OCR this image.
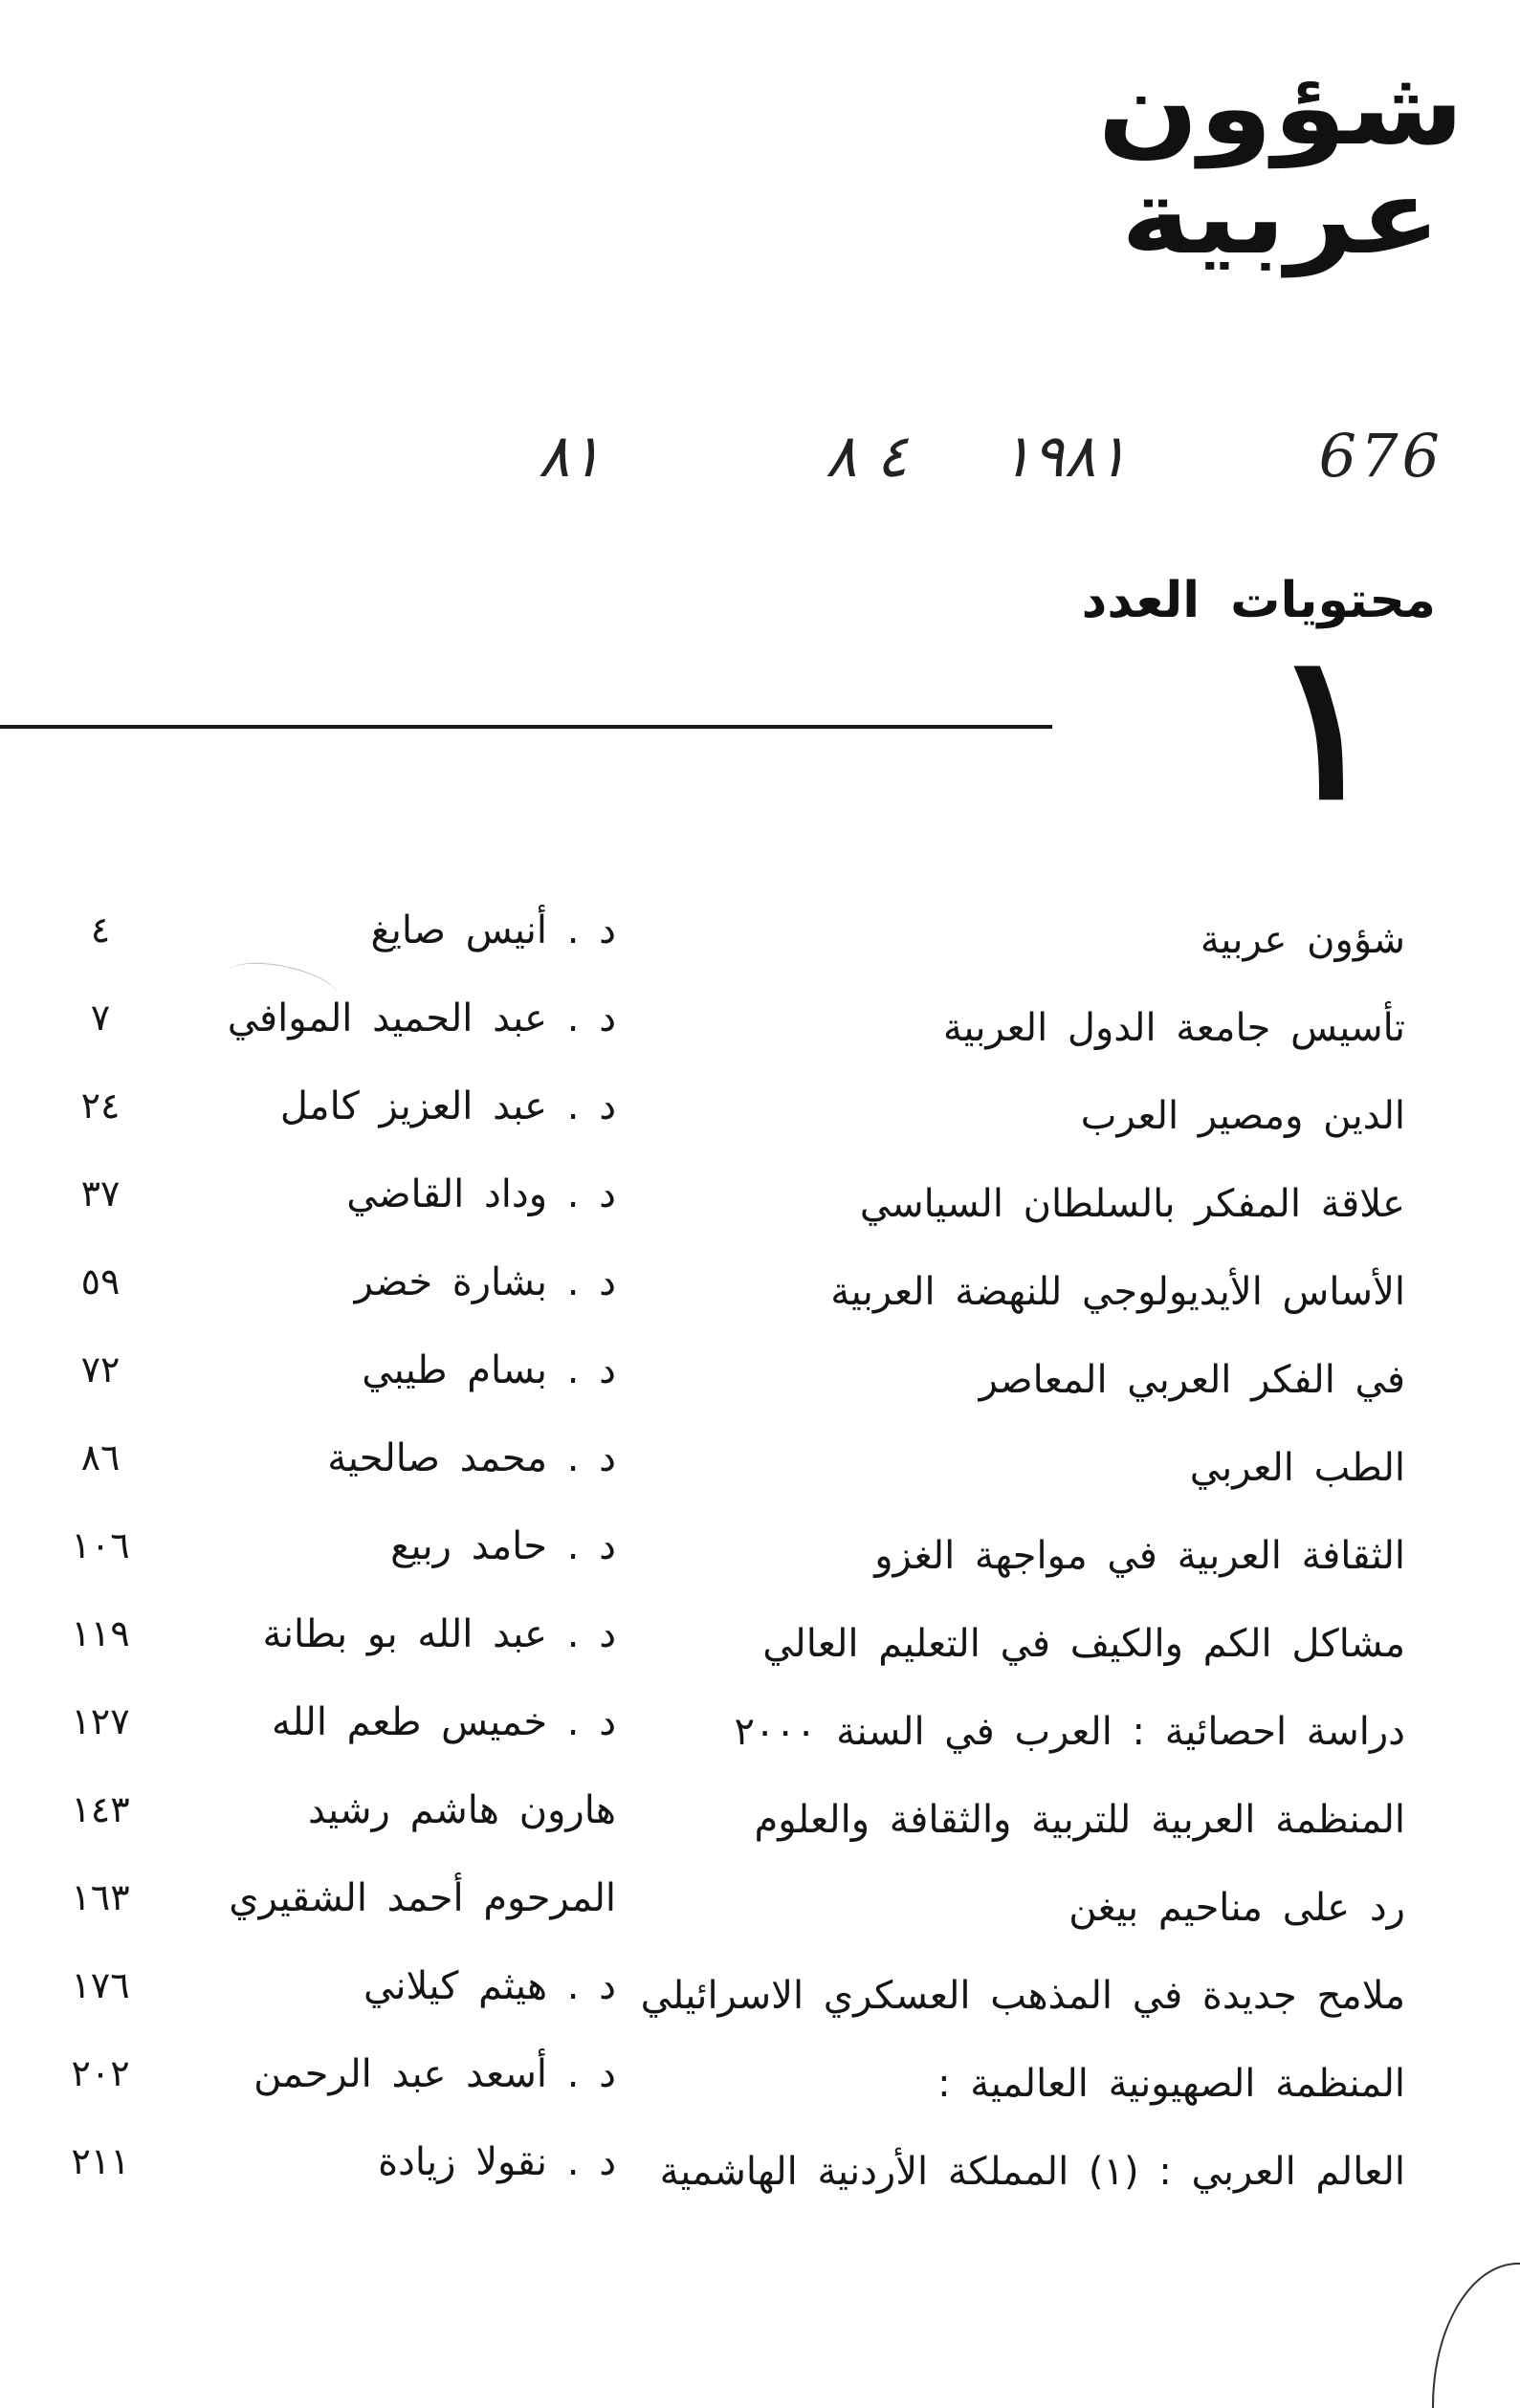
شؤون
عربية
676
١٩٨١
٤ ٨
٨١
محتويات العدد
١
شؤون عربية
د . أنيس صايغ
٤
تأسيس جامعة الدول العربية
د . عبد الحميد الموافي
٧
الدين ومصير العرب
د . عبد العزيز كامل
٢٤
علاقة المفكر بالسلطان السياسي
د . وداد القاضي
٣٧
الأساس الأيديولوجي للنهضة العربية
د . بشارة خضر
٥٩
في الفكر العربي المعاصر
د . بسام طيبي
٧٢
الطب العربي
د . محمد صالحية
٨٦
الثقافة العربية في مواجهة الغزو
د . حامد ربيع
١٠٦
مشاكل الكم والكيف في التعليم العالي
د . عبد الله بو بطانة
١١٩
دراسة احصائية : العرب في السنة ٢٠٠٠
د . خميس طعم الله
١٢٧
المنظمة العربية للتربية والثقافة والعلوم
هارون هاشم رشيد
١٤٣
رد على مناحيم بيغن
المرحوم أحمد الشقيري
١٦٣
ملامح جديدة في المذهب العسكري الاسرائيلي
د . هيثم كيلاني
١٧٦
المنظمة الصهيونية العالمية :
د . أسعد عبد الرحمن
٢٠٢
العالم العربي : (١) المملكة الأردنية الهاشمية
د . نقولا زيادة
٢١١
